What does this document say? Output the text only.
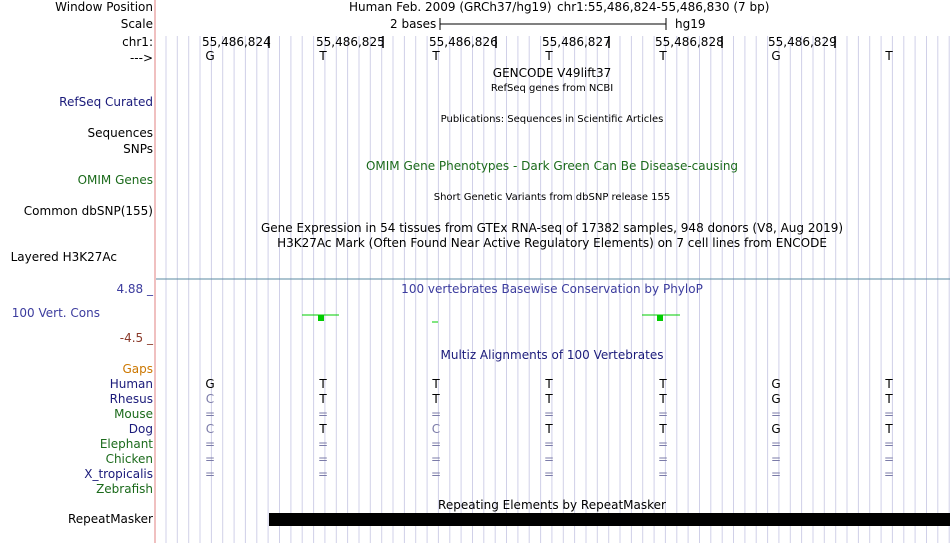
Window Position
Scale
chr1:
--->
Human Feb. 2009 (GRCh37/hg19) chr1:55,486,824-55,486,830 (7 bp)
2 bases	hg19
55,486,824	55,486,825	55,486,826	55,486,827	55,486,828	55,486,829
G	T	T	T	T	G	T
GENCODE V49lift37
RefSeq genes from NCBI
RefSeq Curated
Publications: Sequences in Scientific Articles
Sequences
SNPs
OMIM Gene Phenotypes - Dark Green Can Be Disease-causing
OMIM Genes
Short Genetic Variants from dbSNP release 155
Common dbSNP(155)
Gene Expression in 54 tissues from GTEx RNA-seq of 17382 samples, 948 donors (V8, Aug 2019)
H3K27Ac Mark (Often Found Near Active Regulatory Elements) on 7 cell lines from ENCODE
Layered H3K27Ac
4.88 _	100 vertebrates Basewise Conservation by PhyloP
100 Vert. Cons
-4.5 _
Multiz Alignments of 100 Vertebrates
Gaps
Human	G	T	T	T	T	G	T
Rhesus	C	T	T	T	T	G	T
Mouse	=	=	=	=	=	=	=
Dog	C	T	C	T	T	G	T
Elephant	=	=	=	=	=	=	=
Chicken	=	=	=	=	=	=	=
X_tropicalis	=	=	=	=	=	=	=
Zebrafish
Repeating Elements by RepeatMasker
RepeatMasker
